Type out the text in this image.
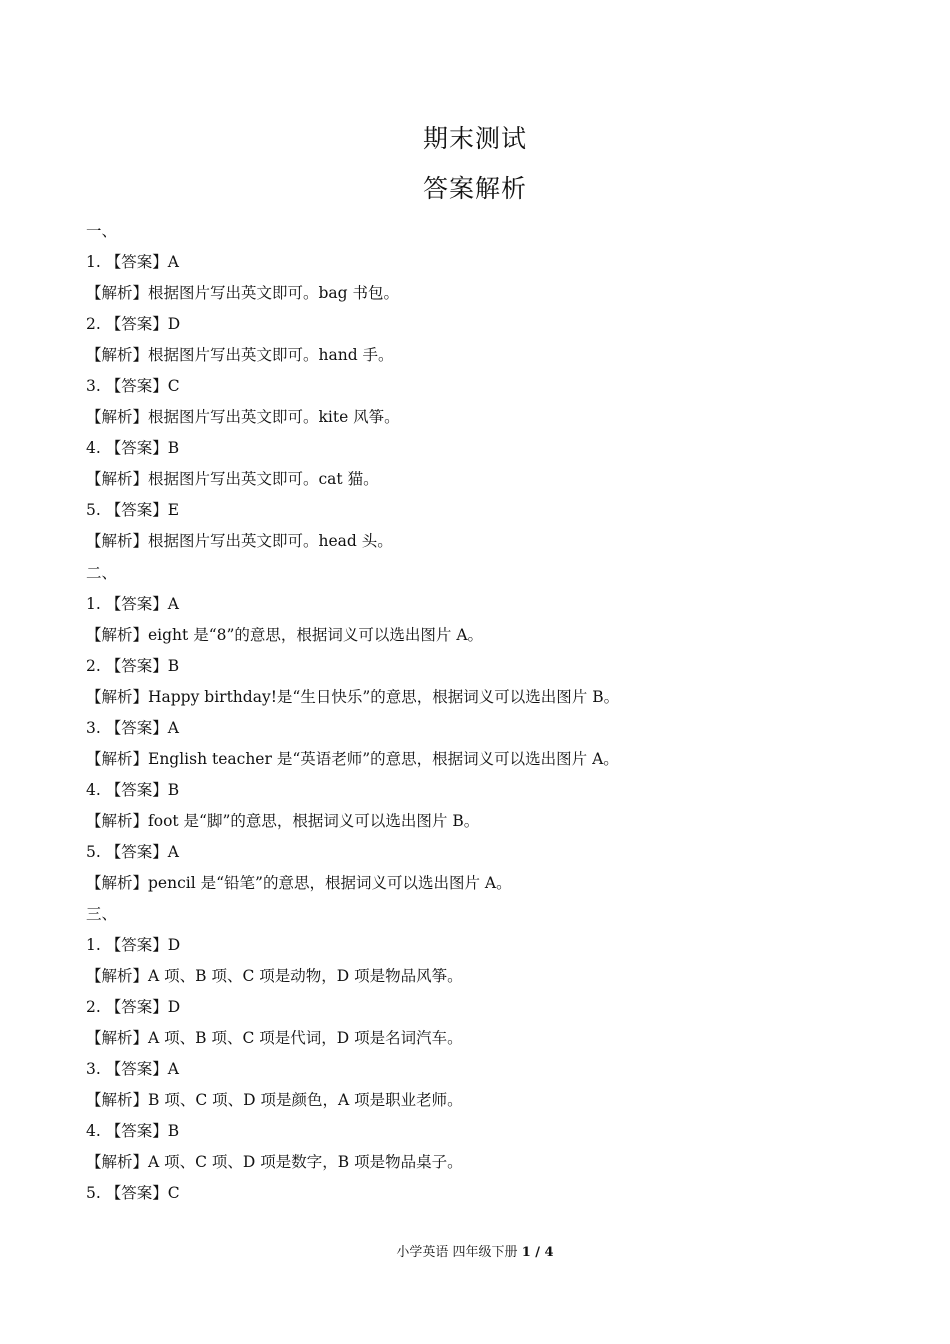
期末测试
答案解析
一、
1. 【答案】A
【解析】根据图片写出英文即可。bag 书包。
2. 【答案】D
【解析】根据图片写出英文即可。hand 手。
3. 【答案】C
【解析】根据图片写出英文即可。kite 风筝。
4. 【答案】B
【解析】根据图片写出英文即可。cat 猫。
5. 【答案】E
【解析】根据图片写出英文即可。head 头。
二、
1. 【答案】A
【解析】eight 是“8”的意思，根据词义可以选出图片 A。
2. 【答案】B
【解析】Happy birthday!是“生日快乐”的意思，根据词义可以选出图片 B。
3. 【答案】A
【解析】English teacher 是“英语老师”的意思，根据词义可以选出图片 A。
4. 【答案】B
【解析】foot 是“脚”的意思，根据词义可以选出图片 B。
5. 【答案】A
【解析】pencil 是“铅笔”的意思，根据词义可以选出图片 A。
三、
1. 【答案】D
【解析】A 项、B 项、C 项是动物，D 项是物品风筝。
2. 【答案】D
【解析】A 项、B 项、C 项是代词，D 项是名词汽车。
3. 【答案】A
【解析】B 项、C 项、D 项是颜色，A 项是职业老师。
4. 【答案】B
【解析】A 项、C 项、D 项是数字，B 项是物品桌子。
5. 【答案】C
小学英语 四年级下册 1 / 4
